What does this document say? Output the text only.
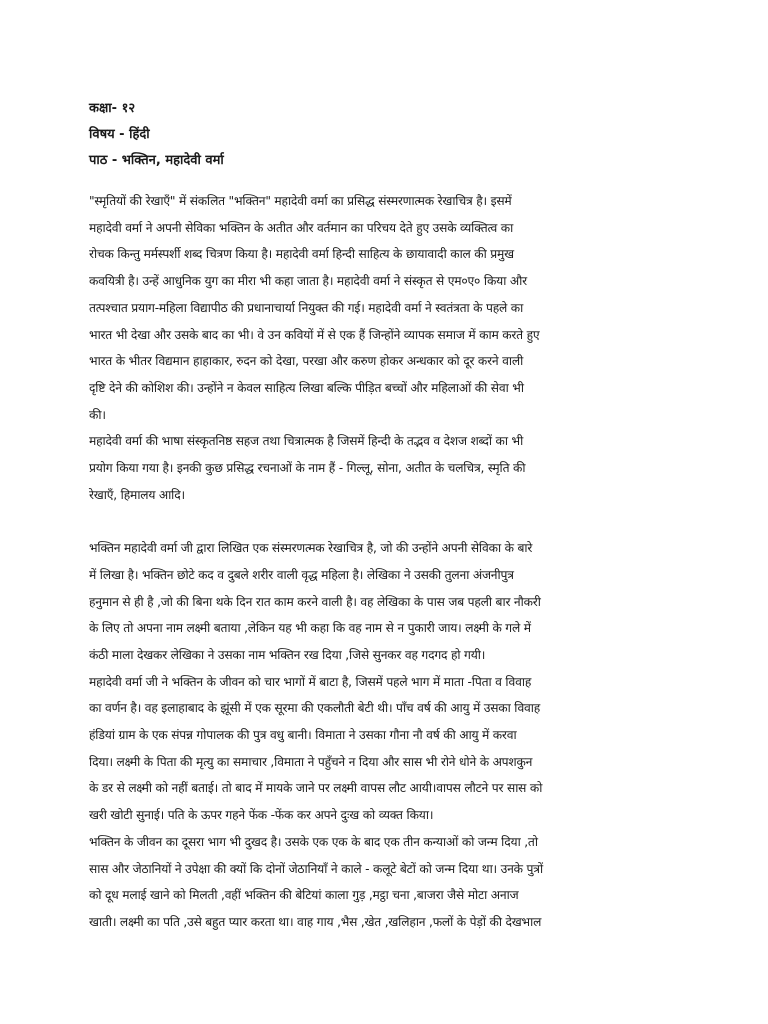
कक्षा- १२
विषय - हिंदी
पाठ - भक्तिन, महादेवी वर्मा
"स्मृतियों की रेखाएँ" में संकलित "भक्तिन" महादेवी वर्मा का प्रसिद्ध संस्मरणात्मक रेखाचित्र है। इसमें
महादेवी वर्मा ने अपनी सेविका भक्तिन के अतीत और वर्तमान का परिचय देते हुए उसके व्यक्तित्व का
रोचक किन्तु मर्मस्पर्शी शब्द चित्रण किया है। महादेवी वर्मा हिन्दी साहित्य के छायावादी काल की प्रमुख
कवयित्री है। उन्हें आधुनिक युग का मीरा भी कहा जाता है। महादेवी वर्मा ने संस्कृत से एम०ए० किया और
तत्पश्चात प्रयाग-महिला विद्यापीठ की प्रधानाचार्या नियुक्त की गई। महादेवी वर्मा ने स्वतंत्रता के पहले का
भारत भी देखा और उसके बाद का भी। वे उन कवियों में से एक हैं जिन्होंने व्यापक समाज में काम करते हुए
भारत के भीतर विद्यमान हाहाकार, रुदन को देखा, परखा और करुण होकर अन्धकार को दूर करने वाली
दृष्टि देने की कोशिश की। उन्होंने न केवल साहित्य लिखा बल्कि पीड़ित बच्चों और महिलाओं की सेवा भी
की।
महादेवी वर्मा की भाषा संस्कृतनिष्ठ सहज तथा चित्रात्मक है जिसमें हिन्दी के तद्भव व देशज शब्दों का भी
प्रयोग किया गया है। इनकी कुछ प्रसिद्ध रचनाओं के नाम हैं - गिल्लू, सोना, अतीत के चलचित्र, स्मृति की
रेखाएँ, हिमालय आदि।
भक्तिन महादेवी वर्मा जी द्वारा लिखित एक संस्मरणत्मक रेखाचित्र है, जो की उन्होंने अपनी सेविका के बारे
में लिखा है। भक्तिन छोटे कद व दुबले शरीर वाली वृद्ध महिला है। लेखिका ने उसकी तुलना अंजनीपुत्र
हनुमान से ही है ,जो की बिना थके दिन रात काम करने वाली है। वह लेखिका के पास जब पहली बार नौकरी
के लिए तो अपना नाम लक्ष्मी बताया ,लेकिन यह भी कहा कि वह नाम से न पुकारी जाय। लक्ष्मी के गले में
कंठी माला देखकर लेखिका ने उसका नाम भक्तिन रख दिया ,जिसे सुनकर वह गदगद हो गयी।
महादेवी वर्मा जी ने भक्तिन के जीवन को चार भागों में बाटा है, जिसमें पहले भाग में माता -पिता व विवाह
का वर्णन है। वह इलाहाबाद के झूंसी में एक सूरमा की एकलौती बेटी थी। पाँच वर्ष की आयु में उसका विवाह
हंडियां ग्राम के एक संपन्न गोपालक की पुत्र वधु बानी। विमाता ने उसका गौना नौ वर्ष की आयु में करवा
दिया। लक्ष्मी के पिता की मृत्यु का समाचार ,विमाता ने पहुँचने न दिया और सास भी रोने धोने के अपशकुन
के डर से लक्ष्मी को नहीं बताई। तो बाद में मायके जाने पर लक्ष्मी वापस लौट आयी।वापस लौटने पर सास को
खरी खोटी सुनाई। पति के ऊपर गहने फेंक -फेंक कर अपने दुःख को व्यक्त किया।
भक्तिन के जीवन का दूसरा भाग भी दुखद है। उसके एक एक के बाद एक तीन कन्याओं को जन्म दिया ,तो
सास और जेठानियों ने उपेक्षा की क्यों कि दोनों जेठानियाँ ने काले - कलूटे बेटों को जन्म दिया था। उनके पुत्रों
को दूध मलाई खाने को मिलती ,वहीं भक्तिन की बेटियां काला गुड़ ,मट्ठा चना ,बाजरा जैसे मोटा अनाज
खाती। लक्ष्मी का पति ,उसे बहुत प्यार करता था। वाह गाय ,भैस ,खेत ,खलिहान ,फलों के पेड़ों की देखभाल
